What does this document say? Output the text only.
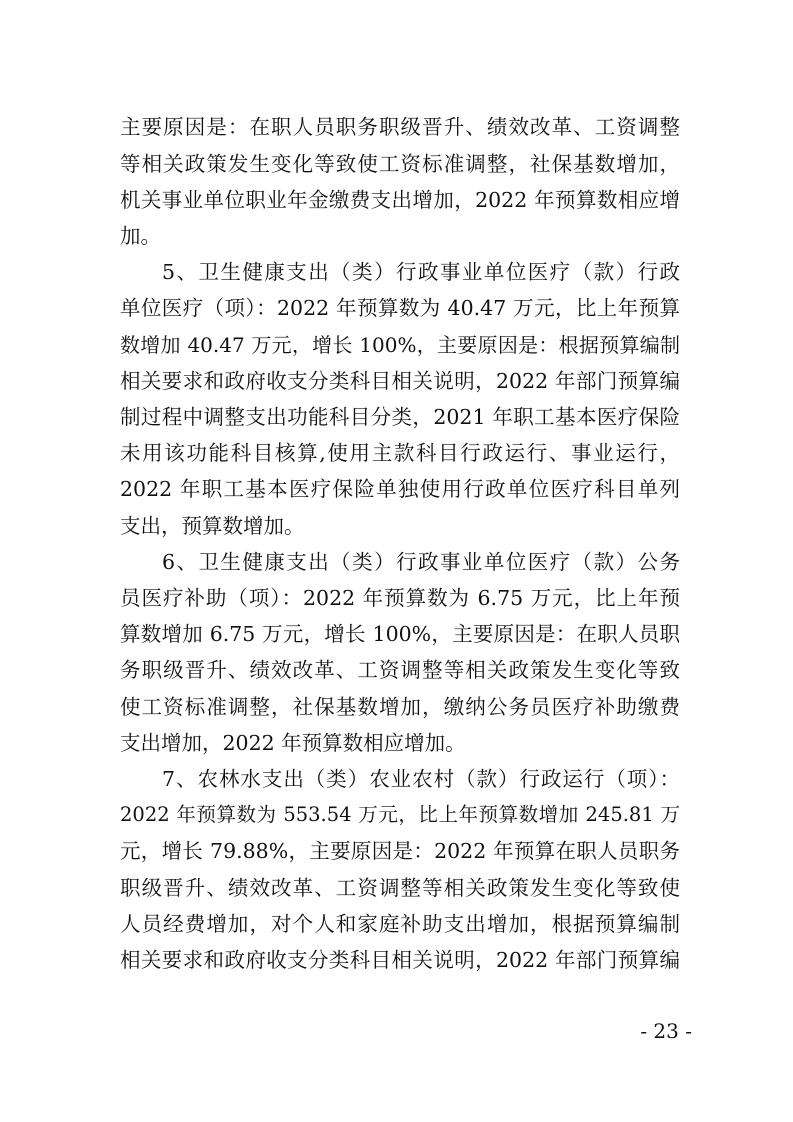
主要原因是：在职人员职务职级晋升、绩效改革、工资调整
等相关政策发生变化等致使工资标准调整，社保基数增加，
机关事业单位职业年金缴费支出增加，2022 年预算数相应增
加。
5、卫生健康支出（类）行政事业单位医疗（款）行政
单位医疗（项）：2022 年预算数为 40.47 万元，比上年预算
数增加 40.47 万元，增长 100%，主要原因是：根据预算编制
相关要求和政府收支分类科目相关说明，2022 年部门预算编
制过程中调整支出功能科目分类，2021 年职工基本医疗保险
未用该功能科目核算,使用主款科目行政运行、事业运行，
2022 年职工基本医疗保险单独使用行政单位医疗科目单列
支出，预算数增加。
6、卫生健康支出（类）行政事业单位医疗（款）公务
员医疗补助（项）：2022 年预算数为 6.75 万元，比上年预
算数增加 6.75 万元，增长 100%，主要原因是：在职人员职
务职级晋升、绩效改革、工资调整等相关政策发生变化等致
使工资标准调整，社保基数增加，缴纳公务员医疗补助缴费
支出增加，2022 年预算数相应增加。
7、农林水支出（类）农业农村（款）行政运行（项）：
2022 年预算数为 553.54 万元，比上年预算数增加 245.81 万
元，增长 79.88%，主要原因是：2022 年预算在职人员职务
职级晋升、绩效改革、工资调整等相关政策发生变化等致使
人员经费增加，对个人和家庭补助支出增加，根据预算编制
相关要求和政府收支分类科目相关说明，2022 年部门预算编
- 23 -
